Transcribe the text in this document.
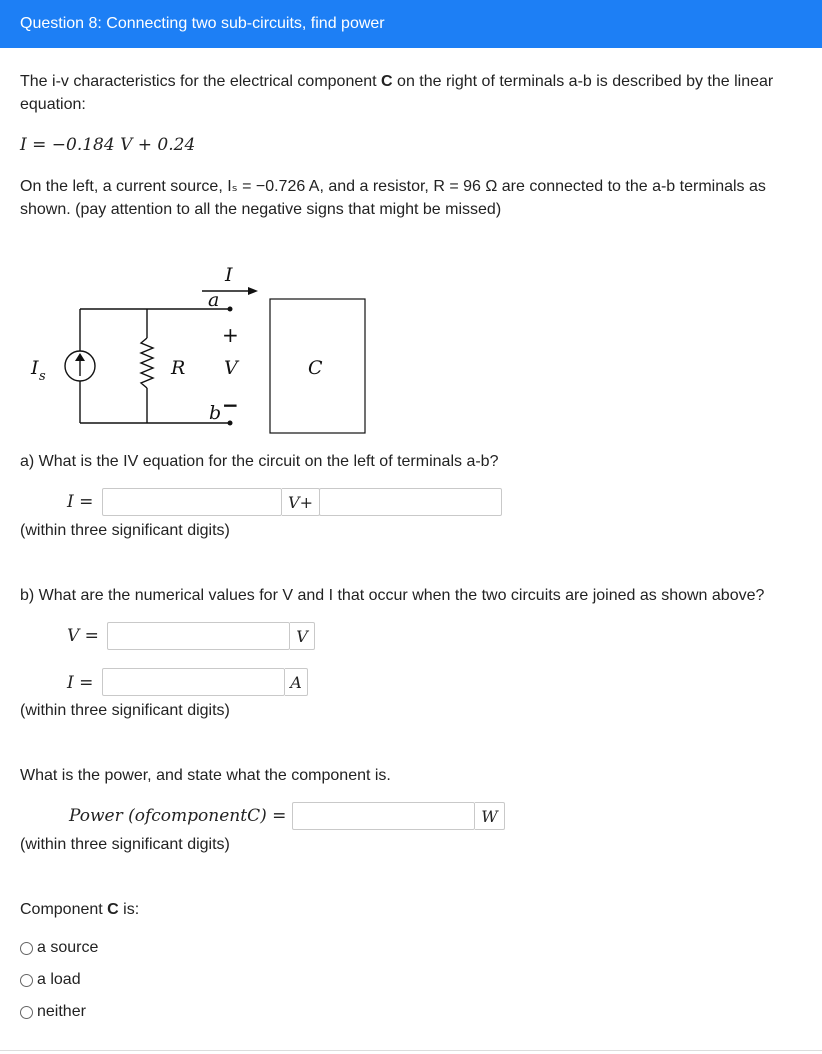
Question 8: Connecting two sub-circuits, find power
The i-v characteristics for the electrical component C on the right of terminals a-b is described by the linear equation:
I = −0.184 V + 0.24
On the left, a current source, Iₛ = −0.726 A, and a resistor, R = 96 Ω are connected to the a-b terminals as shown. (pay attention to all the negative signs that might be missed)
I
a
+
V
b −
R
I s	C
a) What is the IV equation for the circuit on the left of terminals a-b?
I =	V+
(within three significant digits)
b) What are the numerical values for V and I that occur when the two circuits are joined as shown above?
V =	V
I =	A
(within three significant digits)
What is the power, and state what the component is.
Power (ofcomponentC) =	W
(within three significant digits)
Component C is:
a source
a load
neither
